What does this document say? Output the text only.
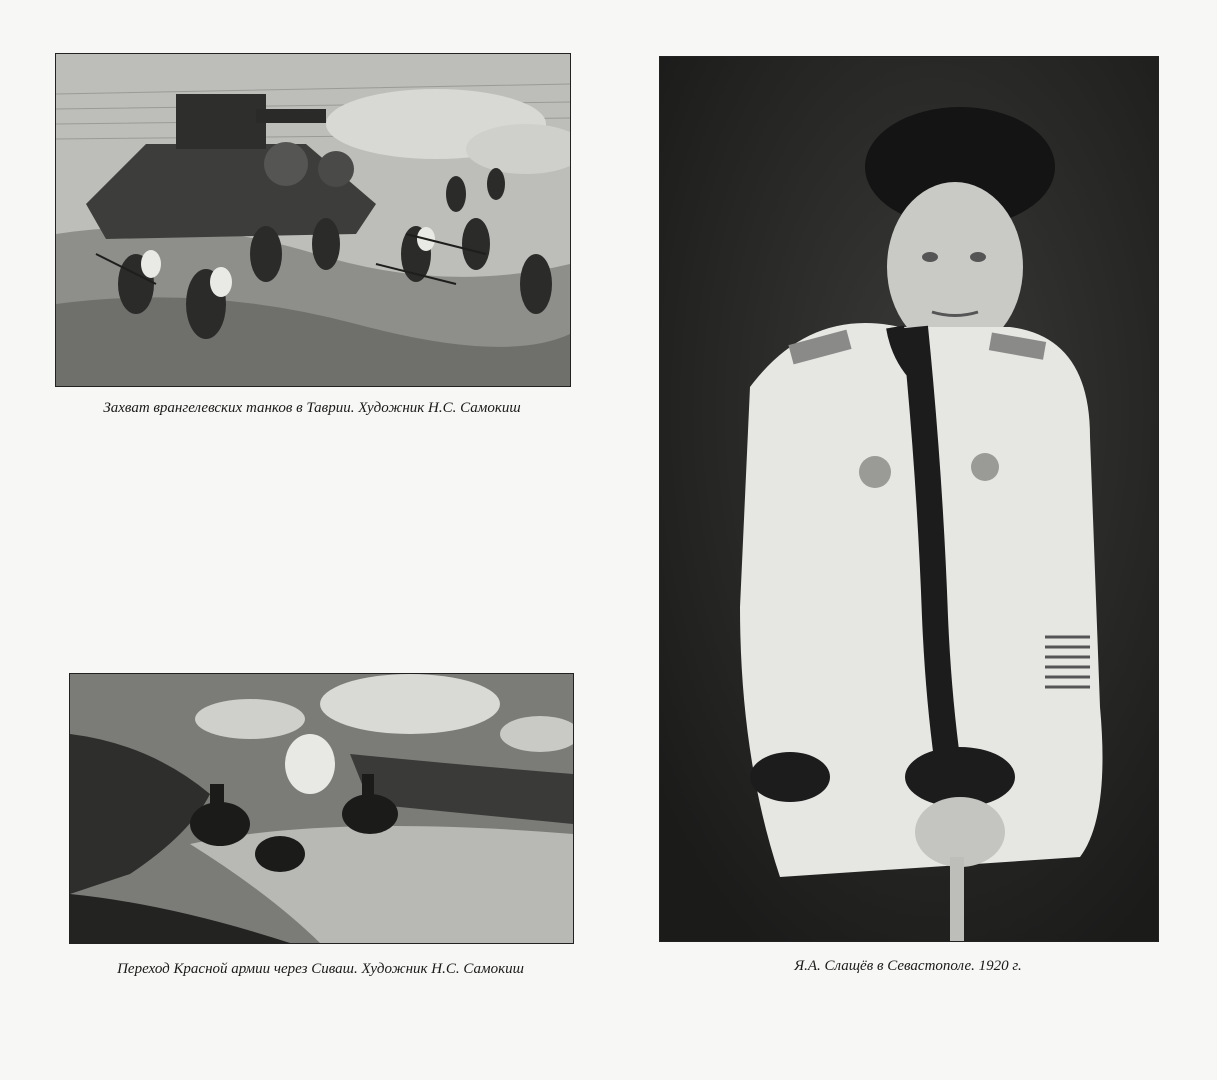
Захват врангелевских танков в Таврии. Художник Н.С. Самокиш
Переход Красной армии через Сиваш. Художник Н.С. Самокиш	Я.А. Слащёв в Севастополе. 1920 г.
